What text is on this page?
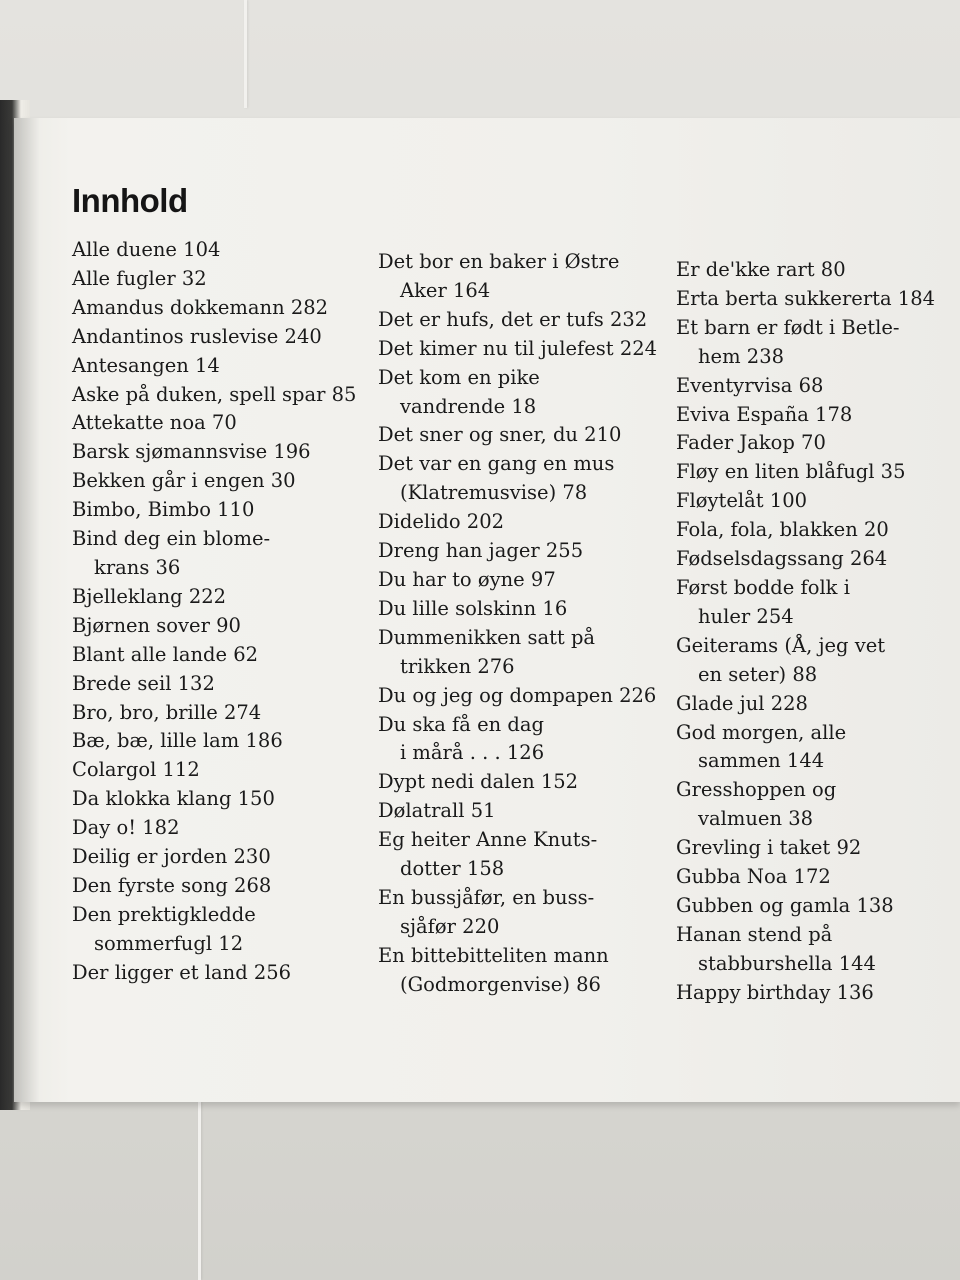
Innhold
Alle duene 104
Alle fugler 32
Amandus dokkemann 282
Andantinos ruslevise 240
Antesangen 14
Aske på duken, spell spar 85
Attekatte noa 70
Barsk sjømannsvise 196
Bekken går i engen 30
Bimbo, Bimbo 110
Bind deg ein blome-
krans 36
Bjelleklang 222
Bjørnen sover 90
Blant alle lande 62
Brede seil 132
Bro, bro, brille 274
Bæ, bæ, lille lam 186
Colargol 112
Da klokka klang 150
Day o! 182
Deilig er jorden 230
Den fyrste song 268
Den prektigkledde
sommerfugl 12
Der ligger et land 256
Det bor en baker i Østre
Aker 164
Det er hufs, det er tufs 232
Det kimer nu til julefest 224
Det kom en pike
vandrende 18
Det sner og sner, du 210
Det var en gang en mus
(Klatremusvise) 78
Didelido 202
Dreng han jager 255
Du har to øyne 97
Du lille solskinn 16
Dummenikken satt på
trikken 276
Du og jeg og dompapen 226
Du ska få en dag
i mårå . . . 126
Dypt nedi dalen 152
Dølatrall 51
Eg heiter Anne Knuts-
dotter 158
En bussjåfør, en buss-
sjåfør 220
En bittebitteliten mann
(Godmorgenvise) 86
Er de'kke rart 80
Erta berta sukkererta 184
Et barn er født i Betle-
hem 238
Eventyrvisa 68
Eviva España 178
Fader Jakop 70
Fløy en liten blåfugl 35
Fløytelåt 100
Fola, fola, blakken 20
Fødselsdagssang 264
Først bodde folk i
huler 254
Geiterams (Å, jeg vet
en seter) 88
Glade jul 228
God morgen, alle
sammen 144
Gresshoppen og
valmuen 38
Grevling i taket 92
Gubba Noa 172
Gubben og gamla 138
Hanan stend på
stabburshella 144
Happy birthday 136
